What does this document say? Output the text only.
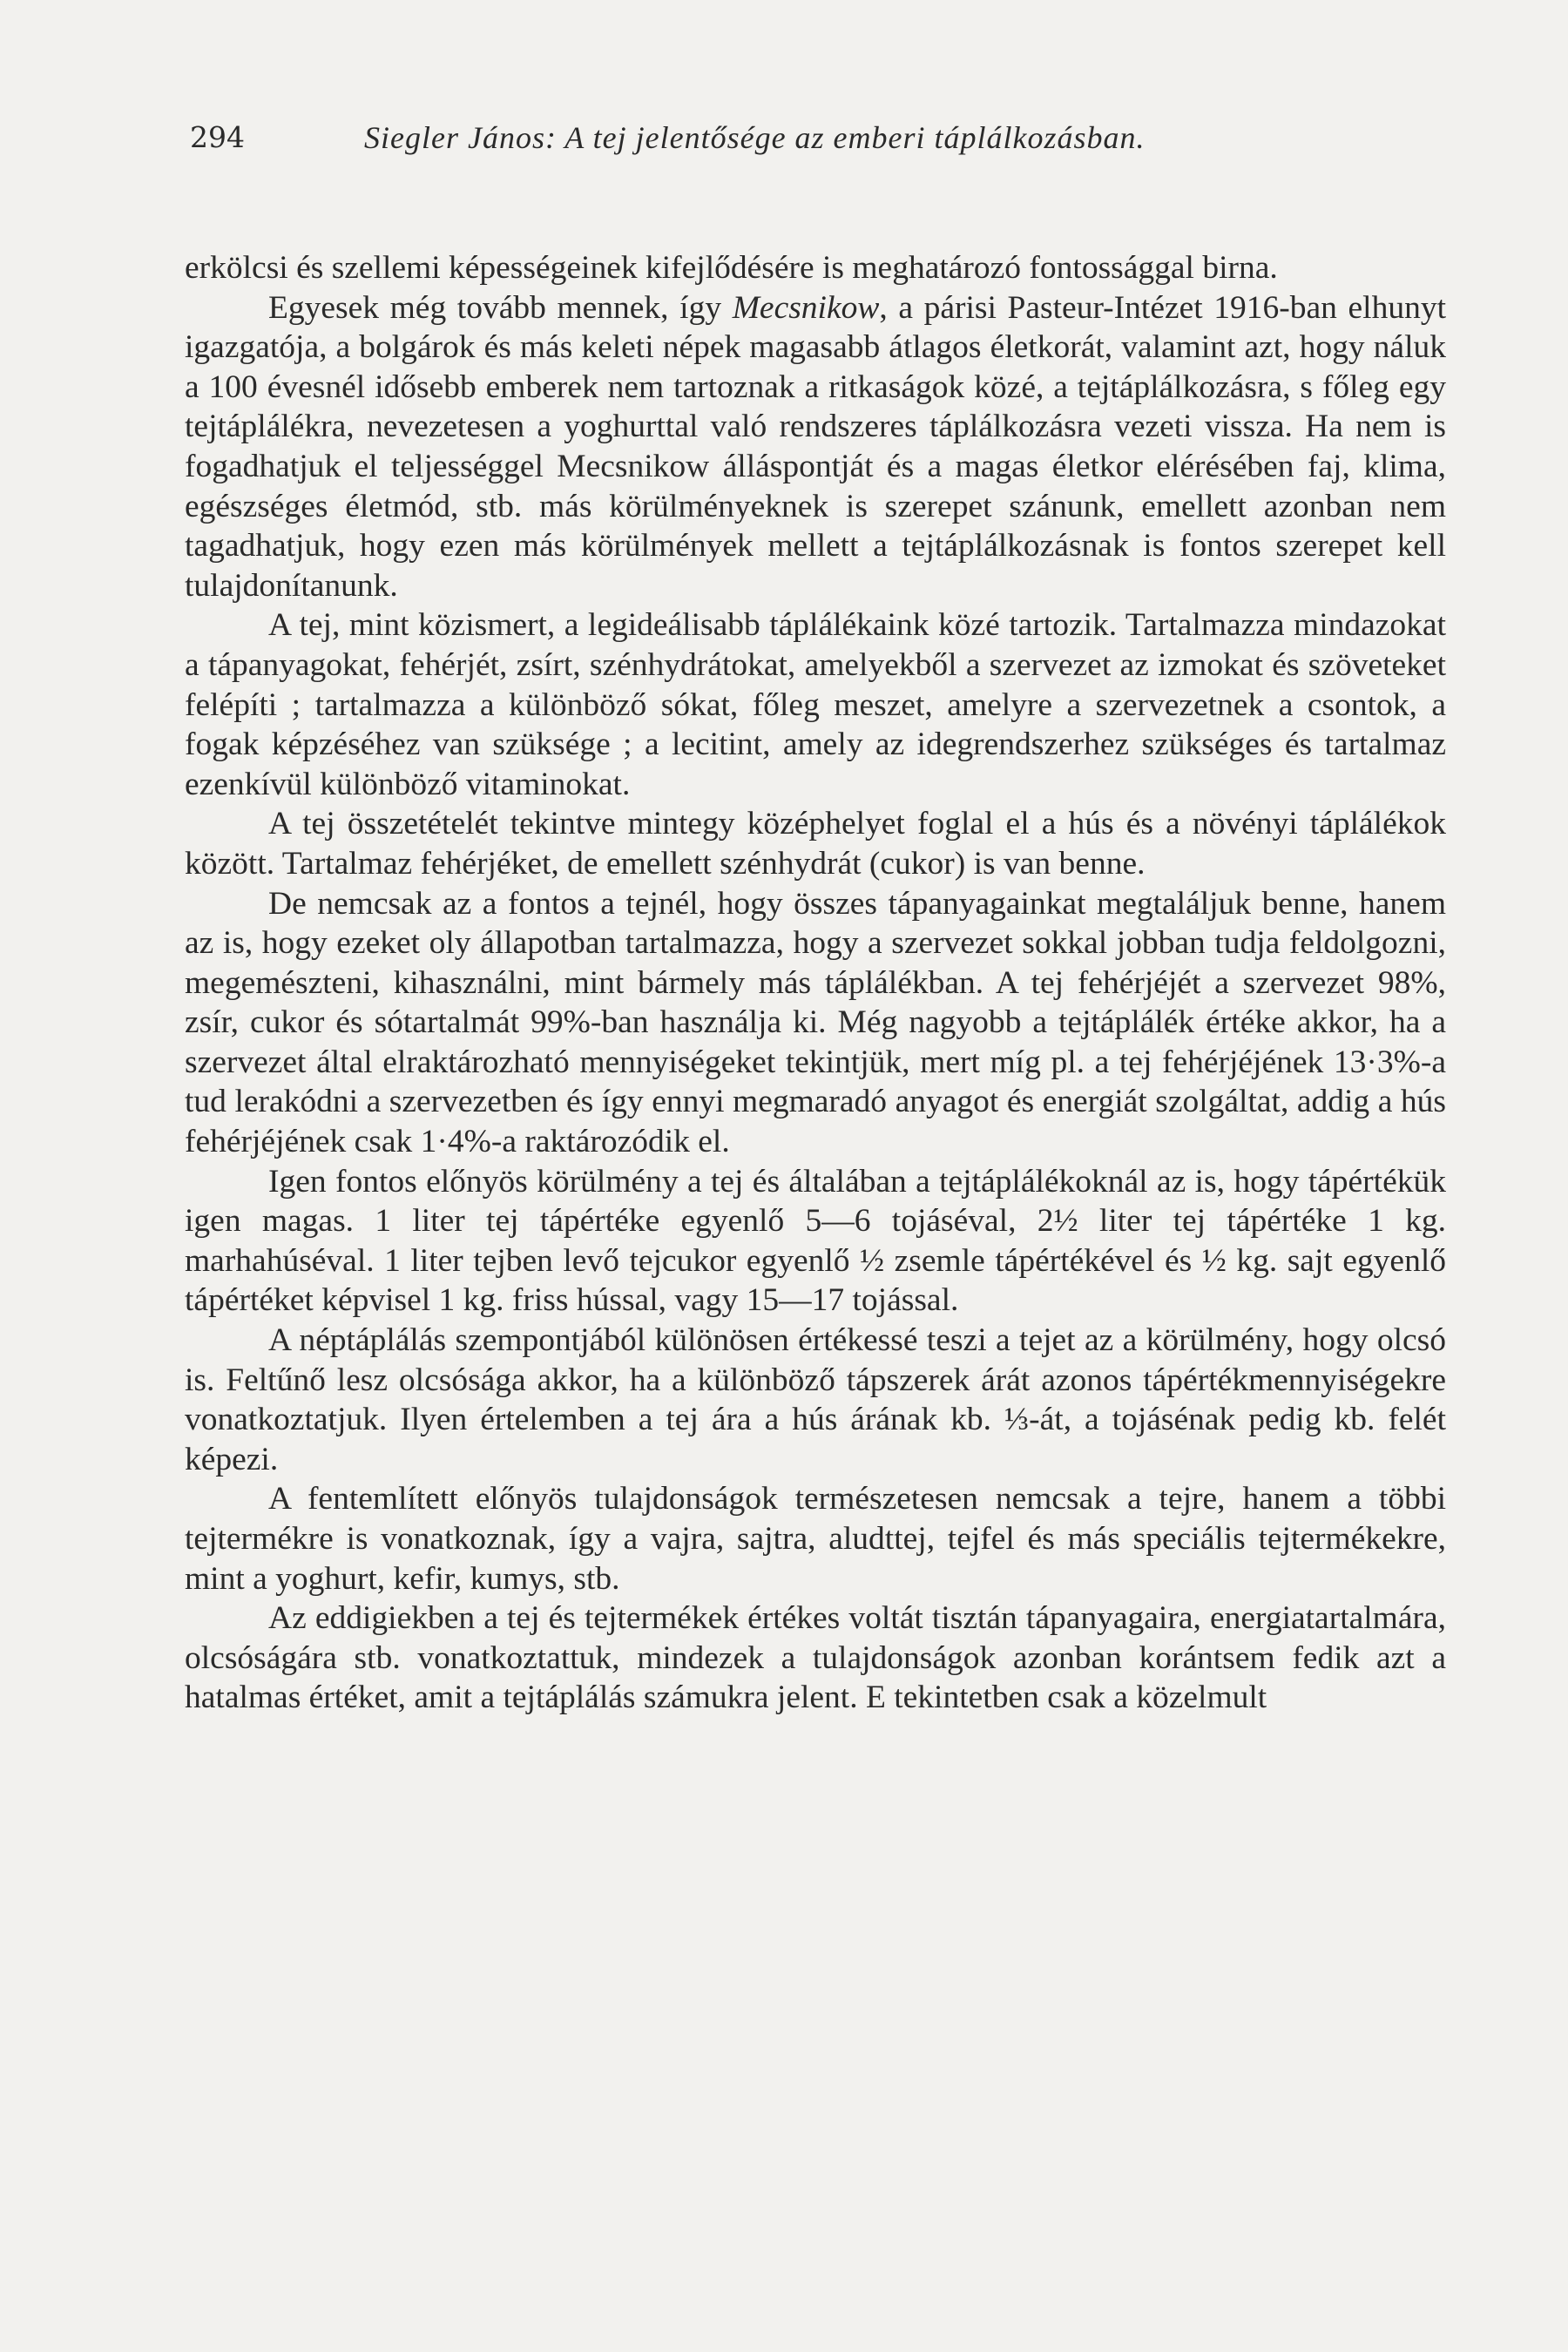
294	Siegler János: A tej jelentősége az emberi táplálkozásban.

erkölcsi és szellemi képességeinek kifejlődésére is meghatározó fontossággal birna.

Egyesek még tovább mennek, így Mecsnikow, a párisi Pasteur-Intézet 1916-ban elhunyt igazgatója, a bolgárok és más keleti népek magasabb átlagos életkorát, valamint azt, hogy náluk a 100 évesnél idősebb emberek nem tartoznak a ritkaságok közé, a tejtáplálkozásra, s főleg egy tejtáplálékra, nevezetesen a yoghurttal való rendszeres táplálkozásra vezeti vissza. Ha nem is fogadhatjuk el teljességgel Mecsnikow álláspontját és a magas életkor elérésében faj, klima, egészséges életmód, stb. más körülményeknek is szerepet szánunk, emellett azonban nem tagadhatjuk, hogy ezen más körülmények mellett a tejtáplálkozásnak is fontos szerepet kell tulajdonítanunk.

A tej, mint közismert, a legideálisabb táplálékaink közé tartozik. Tartalmazza mindazokat a tápanyagokat, fehérjét, zsírt, szénhydrátokat, amelyekből a szervezet az izmokat és szöveteket felépíti ; tartalmazza a különböző sókat, főleg meszet, amelyre a szervezetnek a csontok, a fogak képzéséhez van szüksége ; a lecitint, amely az idegrendszerhez szükséges és tartalmaz ezenkívül különböző vitaminokat.

A tej összetételét tekintve mintegy középhelyet foglal el a hús és a növényi táplálékok között. Tartalmaz fehérjéket, de emellett szénhydrát (cukor) is van benne.

De nemcsak az a fontos a tejnél, hogy összes tápanyagainkat megtaláljuk benne, hanem az is, hogy ezeket oly állapotban tartalmazza, hogy a szervezet sokkal jobban tudja feldolgozni, megemészteni, kihasználni, mint bármely más táplálékban. A tej fehérjéjét a szervezet 98%, zsír, cukor és sótartalmát 99%-ban használja ki. Még nagyobb a tejtáplálék értéke akkor, ha a szervezet által elraktározható mennyiségeket tekintjük, mert míg pl. a tej fehérjéjének 13·3%-a tud lerakódni a szervezetben és így ennyi megmaradó anyagot és energiát szolgáltat, addig a hús fehérjéjének csak 1·4%-a raktározódik el.

Igen fontos előnyös körülmény a tej és általában a tejtáplálékoknál az is, hogy tápértékük igen magas. 1 liter tej tápértéke egyenlő 5—6 tojáséval, 2½ liter tej tápértéke 1 kg. marhahúséval. 1 liter tejben levő tejcukor egyenlő ½ zsemle tápértékével és ½ kg. sajt egyenlő tápértéket képvisel 1 kg. friss hússal, vagy 15—17 tojással.

A néptáplálás szempontjából különösen értékessé teszi a tejet az a körülmény, hogy olcsó is. Feltűnő lesz olcsósága akkor, ha a különböző tápszerek árát azonos tápértékmennyiségekre vonatkoztatjuk. Ilyen értelemben a tej ára a hús árának kb. ⅓-át, a tojásénak pedig kb. felét képezi.

A fentemlített előnyös tulajdonságok természetesen nemcsak a tejre, hanem a többi tejtermékre is vonatkoznak, így a vajra, sajtra, aludttej, tejfel és más speciális tejtermékekre, mint a yoghurt, kefir, kumys, stb.

Az eddigiekben a tej és tejtermékek értékes voltát tisztán tápanyagaira, energiatartalmára, olcsóságára stb. vonatkoztattuk, mindezek a tulajdonságok azonban korántsem fedik azt a hatalmas értéket, amit a tejtáplálás számukra jelent. E tekintetben csak a közelmult
